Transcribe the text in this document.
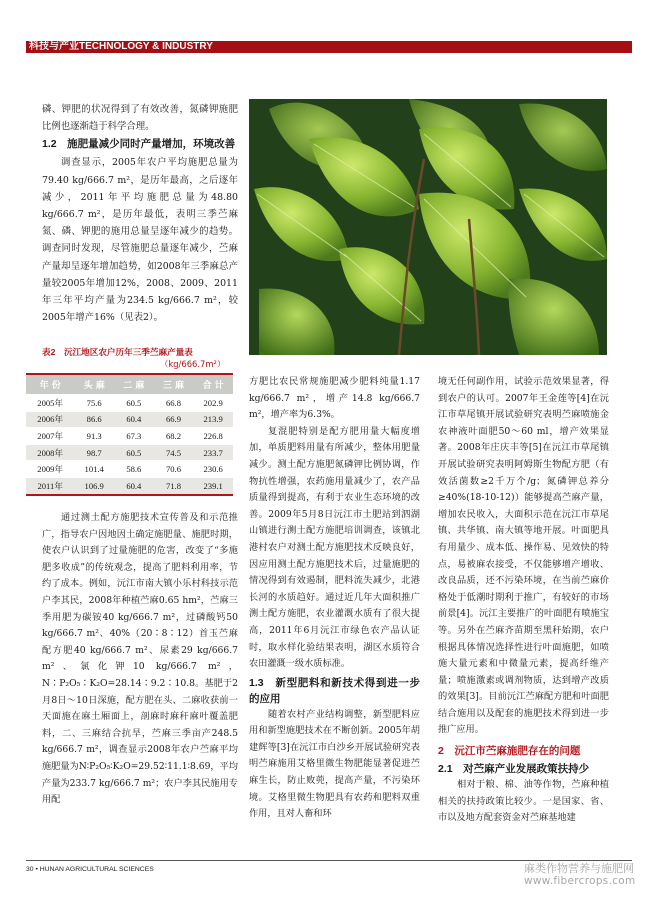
科技与产业TECHNOLOGY & INDUSTRY

磷、钾肥的状况得到了有效改善，氮磷钾施肥比例也逐渐趋于科学合理。

1.2　施肥量减少同时产量增加，环境改善

调查显示，2005年农户平均施肥总量为79.40 kg/666.7 m²，是历年最高，之后逐年减少，2011年平均施肥总量为48.80 kg/666.7 m²，是历年最低，表明三季苎麻氮、磷、钾肥的施用总量呈逐年减少的趋势。调查同时发现，尽管施肥总量逐年减少，苎麻产量却呈逐年增加趋势，如2008年三季麻总产量较2005年增加12%，2008、2009、2011年三年平均产量为234.5 kg/666.7 m²，较2005年增产16%（见表2）。

表2　沅江地区农户历年三季苎麻产量表
（kg/666.7m²）
年 份	头 麻	二 麻	三 麻	合 计
2005年	75.6	60.5	66.8	202.9
2006年	86.6	60.4	66.9	213.9
2007年	91.3	67.3	68.2	226.8
2008年	98.7	60.5	74.5	233.7
2009年	101.4	58.6	70.6	230.6
2011年	106.9	60.4	71.8	239.1

通过测土配方施肥技术宣传普及和示范推广，指导农户因地因土确定施肥量、施肥时期，使农户认识到了过量施肥的危害，改变了“多施肥多收成”的传统观念，提高了肥料利用率，节约了成本。例如，沅江市南大镇小乐村科技示范户李其民，2008年种植苎麻0.65 hm²，苎麻三季用肥为碳铵40 kg/666.7 m²，过磷酸钙50 kg/666.7 m²、40%（20∶8∶12）首玉苎麻配方肥40 kg/666.7 m²、尿素29 kg/666.7 m²、氯化钾10 kg/666.7 m²，N∶P₂O₅∶K₂O=28.14∶9.2∶10.8。基肥于2月8日～10日深施，配方肥在头、二麻收获前一天面施在麻土厢面上，剖麻时麻秆麻叶覆盖肥料，二、三麻结合抗旱，苎麻三季亩产248.5 kg/666.7 m²，调查显示2008年农户苎麻平均施肥量为N∶P₂O₅∶K₂O=29.52∶11.1∶8.69，平均产量为233.7 kg/666.7 m²；农户李其民施用专用配

方肥比农民常规施肥减少肥料纯量1.17 kg/666.7 m²，增产14.8 kg/666.7 m²，增产率为6.3%。

复混肥特别是配方肥用量大幅度增加，单质肥料用量有所减少，整体用肥量减少。测土配方施肥氮磷钾比例协调，作物抗性增强，农药施用量减少了，农产品质量得到提高，有利于农业生态环境的改善。2009年5月8日沅江市土肥站到泗湖山镇进行测土配方施肥培训调查，该镇北港村农户对测土配方施肥技术反映良好，因应用测土配方施肥技术后，过量施肥的情况得到有效遏制，肥料流失减少，北港长河的水质趋好。通过近几年大面积推广测土配方施肥，农业灌溉水质有了很大提高，2011年6月沅江市绿色农产品认证时，取水样化验结果表明，湖区水质符合农田灌溉一级水质标准。

1.3　新型肥料和新技术得到进一步的应用

随着农村产业结构调整，新型肥料应用和新型施肥技术在不断创新。2005年胡建辉等[3]在沅江市白沙乡开展试验研究表明苎麻施用艾格里微生物肥能显著促进苎麻生长，防止败蔸，提高产量，不污染环境。艾格里微生物肥具有农药和肥料双重作用，且对人畜和环

境无任何副作用，试验示范效果显著，得到农户的认可。2007年王金莲等[4]在沅江市草尾镇开展试验研究表明苎麻喷施金农神液叶面肥50～60 ml，增产效果显著。2008年庄庆丰等[5]在沅江市草尾镇开展试验研究表明阿姆斯生物配方肥（有效活菌数≥2千万个/g；氮磷钾总养分≥40%(18-10-12)）能够提高苎麻产量，增加农民收入，大面积示范在沅江市草尾镇、共华镇、南大镇等地开展。叶面肥具有用量少、成本低、操作易、见效快的特点，易被麻农接受，不仅能够增产增收、改良品质，还不污染环境，在当前苎麻价格处于低潮时期利于推广，有较好的市场前景[4]。沅江主要推广的叶面肥有喷施宝等。另外在苎麻齐苗期至黑秆始期，农户根据具体情况选择性进行叶面施肥，如喷施大量元素和中微量元素，提高纤维产量；喷施激素或调剂物质，达到增产改质的效果[3]。目前沅江苎麻配方肥和叶面肥结合施用以及配套的施肥技术得到进一步推广应用。

2　沅江市苎麻施肥存在的问题

2.1　对苎麻产业发展政策扶持少

相对于粮、棉、油等作物，苎麻种植相关的扶持政策比较少。一是国家、省、市以及地方配套资金对苎麻基地建

30 • HUNAN AGRICULTURAL SCIENCES	麻类作物营养与施肥网
www.fibercrops.com
